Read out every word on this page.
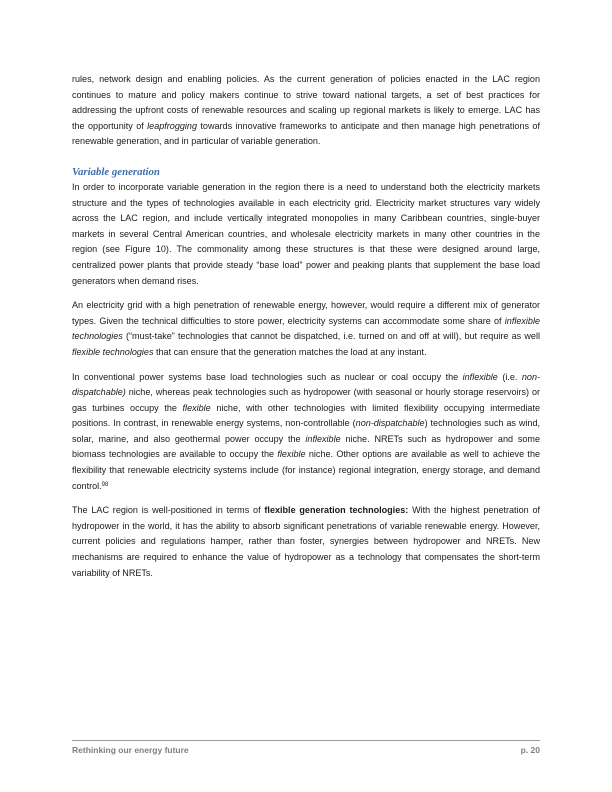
rules, network design and enabling policies. As the current generation of policies enacted in the LAC region continues to mature and policy makers continue to strive toward national targets, a set of best practices for addressing the upfront costs of renewable resources and scaling up regional markets is likely to emerge. LAC has the opportunity of leapfrogging towards innovative frameworks to anticipate and then manage high penetrations of renewable generation, and in particular of variable generation.

Variable generation

In order to incorporate variable generation in the region there is a need to understand both the electricity markets structure and the types of technologies available in each electricity grid. Electricity market structures vary widely across the LAC region, and include vertically integrated monopolies in many Caribbean countries, single-buyer markets in several Central American countries, and wholesale electricity markets in many other countries in the region (see Figure 10). The commonality among these structures is that these were designed around large, centralized power plants that provide steady “base load” power and peaking plants that supplement the base load generators when demand rises.

An electricity grid with a high penetration of renewable energy, however, would require a different mix of generator types. Given the technical difficulties to store power, electricity systems can accommodate some share of inflexible technologies (“must-take” technologies that cannot be dispatched, i.e. turned on and off at will), but require as well flexible technologies that can ensure that the generation matches the load at any instant.

In conventional power systems base load technologies such as nuclear or coal occupy the inflexible (i.e. non-dispatchable) niche, whereas peak technologies such as hydropower (with seasonal or hourly storage reservoirs) or gas turbines occupy the flexible niche, with other technologies with limited flexibility occupying intermediate positions. In contrast, in renewable energy systems, non-controllable (non-dispatchable) technologies such as wind, solar, marine, and also geothermal power occupy the inflexible niche. NRETs such as hydropower and some biomass technologies are available to occupy the flexible niche. Other options are available as well to achieve the flexibility that renewable electricity systems include (for instance) regional integration, energy storage, and demand control.$^{98}$

The LAC region is well-positioned in terms of flexible generation technologies: With the highest penetration of hydropower in the world, it has the ability to absorb significant penetrations of variable renewable energy. However, current policies and regulations hamper, rather than foster, synergies between hydropower and NRETs. New mechanisms are required to enhance the value of hydropower as a technology that compensates the short-term variability of NRETs.

Rethinking our energy future	p. 20
